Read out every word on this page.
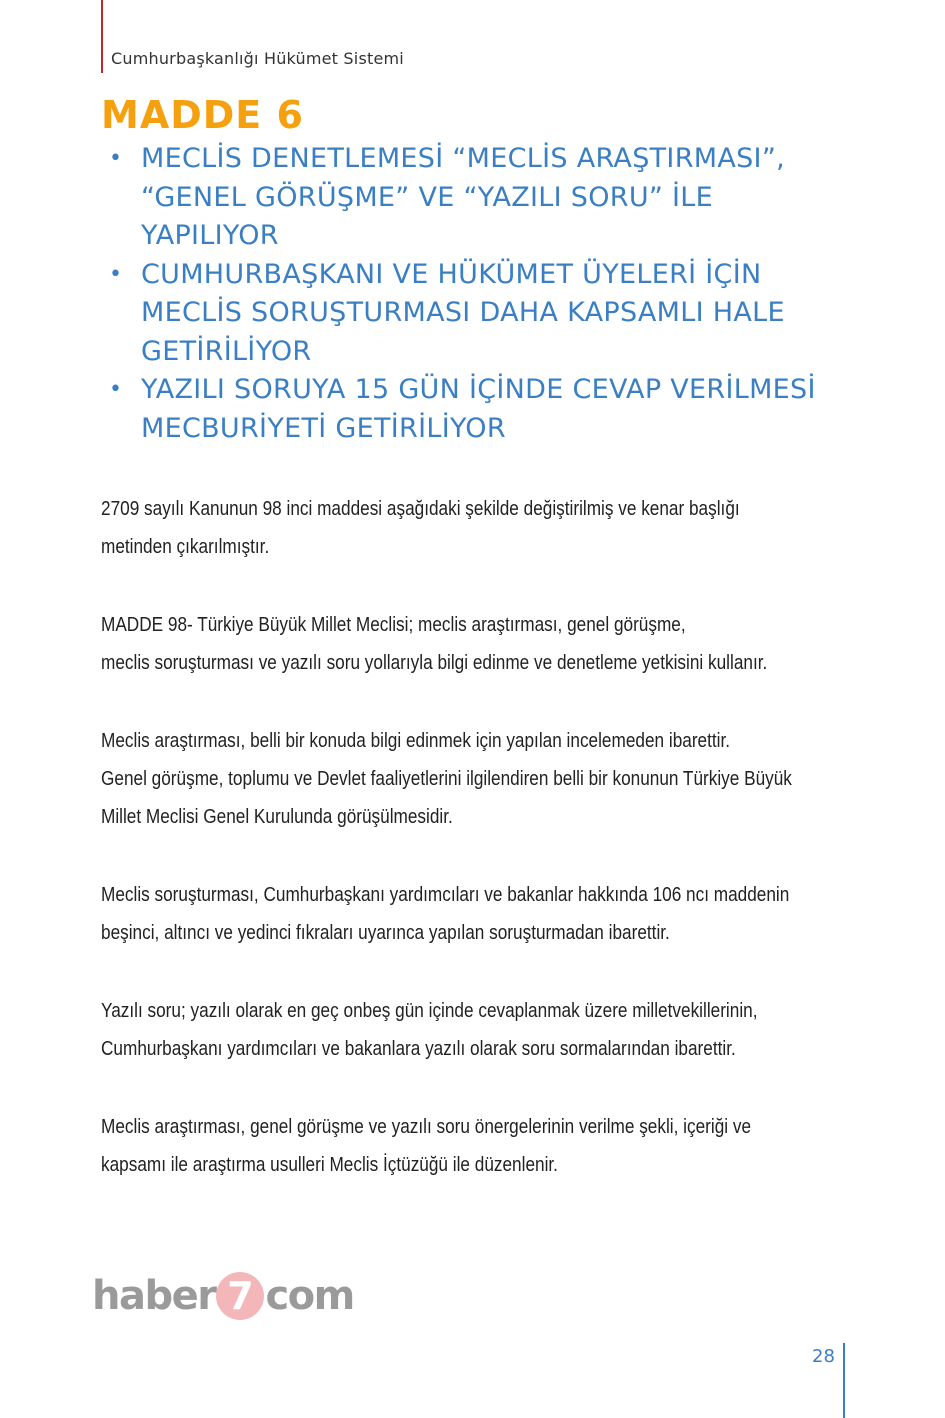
Cumhurbaşkanlığı Hükümet Sistemi
MADDE 6
• MECLİS DENETLEMESİ “MECLİS ARAŞTIRMASI”,
“GENEL GÖRÜŞME” VE “YAZILI SORU” İLE
YAPILIYOR
• CUMHURBAŞKANI VE HÜKÜMET ÜYELERİ İÇİN
MECLİS SORUŞTURMASI DAHA KAPSAMLI HALE
GETİRİLİYOR
• YAZILI SORUYA 15 GÜN İÇİNDE CEVAP VERİLMESİ
MECBURİYETİ GETİRİLİYOR

2709 sayılı Kanunun 98 inci maddesi aşağıdaki şekilde değiştirilmiş ve kenar başlığı
metinden çıkarılmıştır.

MADDE 98- Türkiye Büyük Millet Meclisi; meclis araştırması, genel görüşme,
meclis soruşturması ve yazılı soru yollarıyla bilgi edinme ve denetleme yetkisini kullanır.

Meclis araştırması, belli bir konuda bilgi edinmek için yapılan incelemeden ibarettir.
Genel görüşme, toplumu ve Devlet faaliyetlerini ilgilendiren belli bir konunun Türkiye Büyük
Millet Meclisi Genel Kurulunda görüşülmesidir.

Meclis soruşturması, Cumhurbaşkanı yardımcıları ve bakanlar hakkında 106 ncı maddenin
beşinci, altıncı ve yedinci fıkraları uyarınca yapılan soruşturmadan ibarettir.

Yazılı soru; yazılı olarak en geç onbeş gün içinde cevaplanmak üzere milletvekillerinin,
Cumhurbaşkanı yardımcıları ve bakanlara yazılı olarak soru sormalarından ibarettir.

Meclis araştırması, genel görüşme ve yazılı soru önergelerinin verilme şekli, içeriği ve
kapsamı ile araştırma usulleri Meclis İçtüzüğü ile düzenlenir.

haber 7 com
28
